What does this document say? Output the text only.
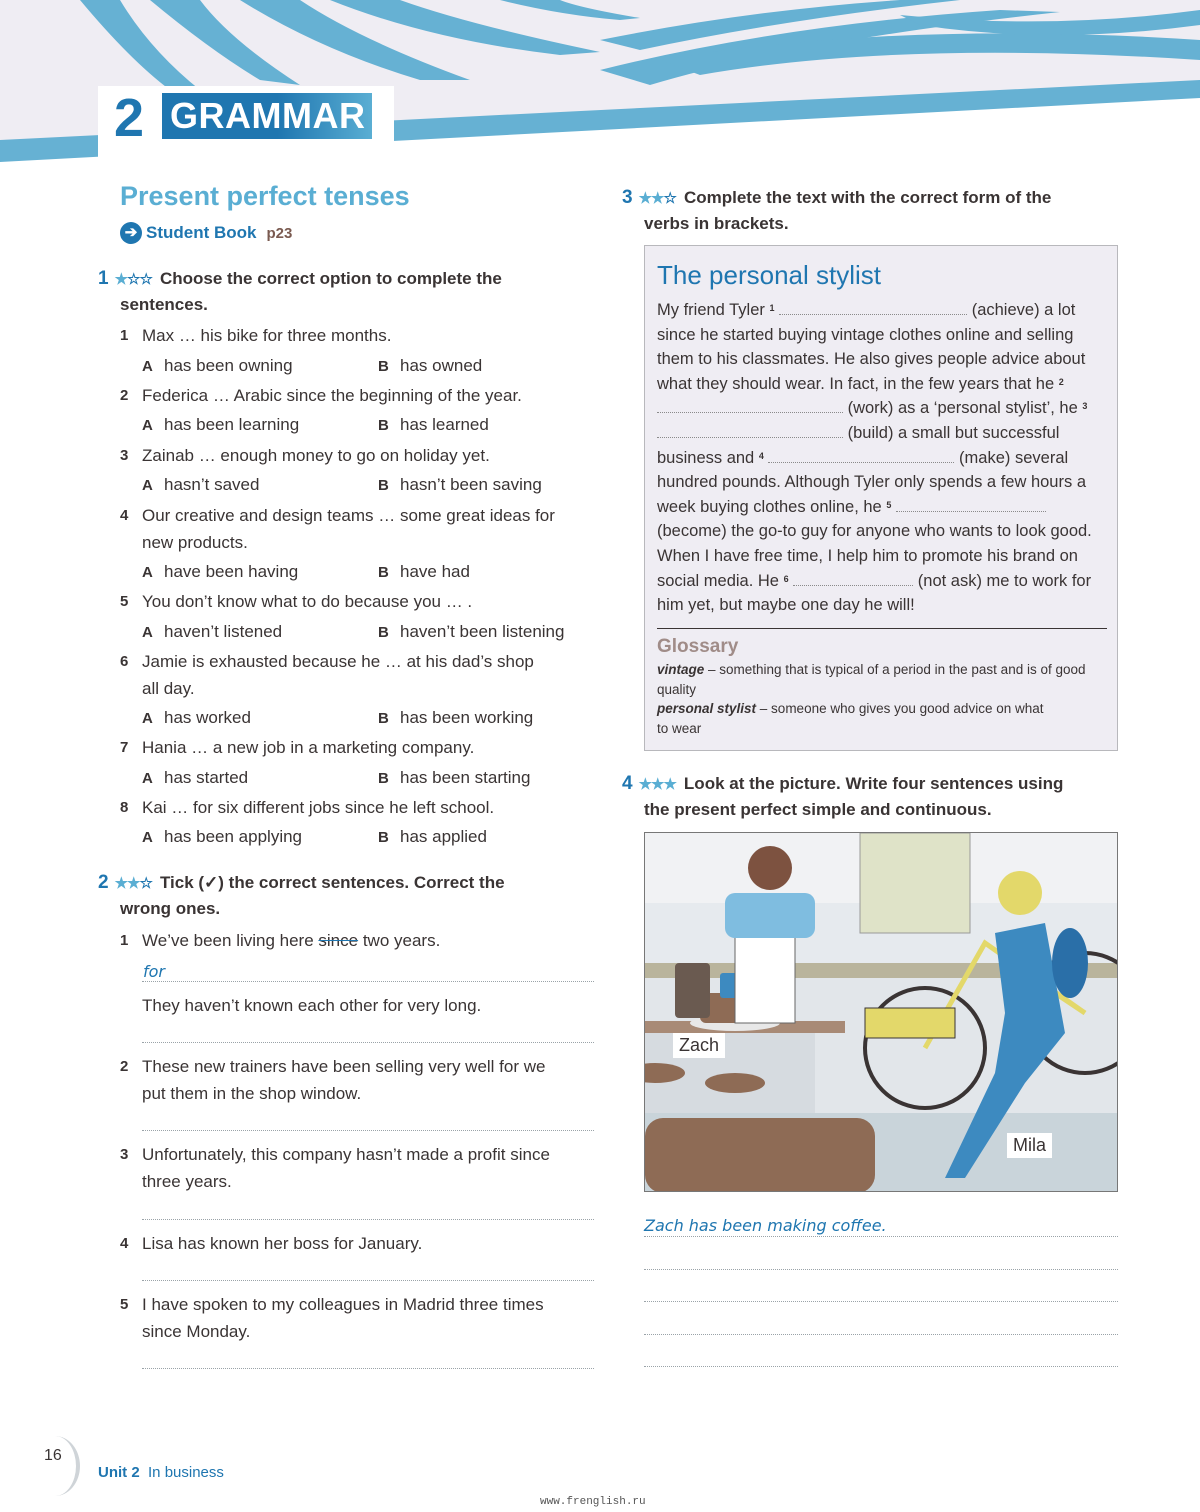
2 GRAMMAR
Present perfect tenses
➔ Student Book p23
1 ★☆☆ Choose the correct option to complete the
sentences.
1 Max … his bike for three months.
A has been owning	B has owned
2 Federica … Arabic since the beginning of the year.
A has been learning	B has learned
3 Zainab … enough money to go on holiday yet.
A hasn’t saved	B hasn’t been saving
4 Our creative and design teams … some great ideas for
new products.
A have been having	B have had
5 You don’t know what to do because you … .
A haven’t listened	B haven’t been listening
6 Jamie is exhausted because he … at his dad’s shop
all day.
A has worked	B has been working
7 Hania … a new job in a marketing company.
A has started	B has been starting
8 Kai … for six different jobs since he left school.
A has been applying	B has applied
2 ★★☆ Tick (✓) the correct sentences. Correct the
wrong ones.
1 We’ve been living here since two years.
for
They haven’t known each other for very long.
2 These new trainers have been selling very well for we
put them in the shop window.
3 Unfortunately, this company hasn’t made a profit since
three years.
4 Lisa has known her boss for January.
5 I have spoken to my colleagues in Madrid three times
since Monday.
3 ★★☆ Complete the text with the correct form of the
verbs in brackets.
The personal stylist
My friend Tyler $^1$	(achieve) a lot since he started buying vintage clothes online and selling them to his classmates. He also gives people advice about what they should wear. In fact, in the few years that he $^2$  (work) as a ‘personal stylist’, he $^3$  (build) a small but successful business and $^4$	(make) several hundred pounds. Although Tyler only spends a few hours a week buying clothes online, he $^5$  (become) the go-to guy for anyone who wants to look good. When I have free time, I help him to promote his brand on social media. He $^6$	(not ask) me to work for him yet, but maybe one day he will!
Glossary
vintage – something that is typical of a period in the past and is of good quality
personal stylist – someone who gives you good advice on what to wear
4 ★★★ Look at the picture. Write four sentences using
the present perfect simple and continuous.
Zach
Mila
Zach has been making coffee.
16
Unit 2 In business
www.frenglish.ru
